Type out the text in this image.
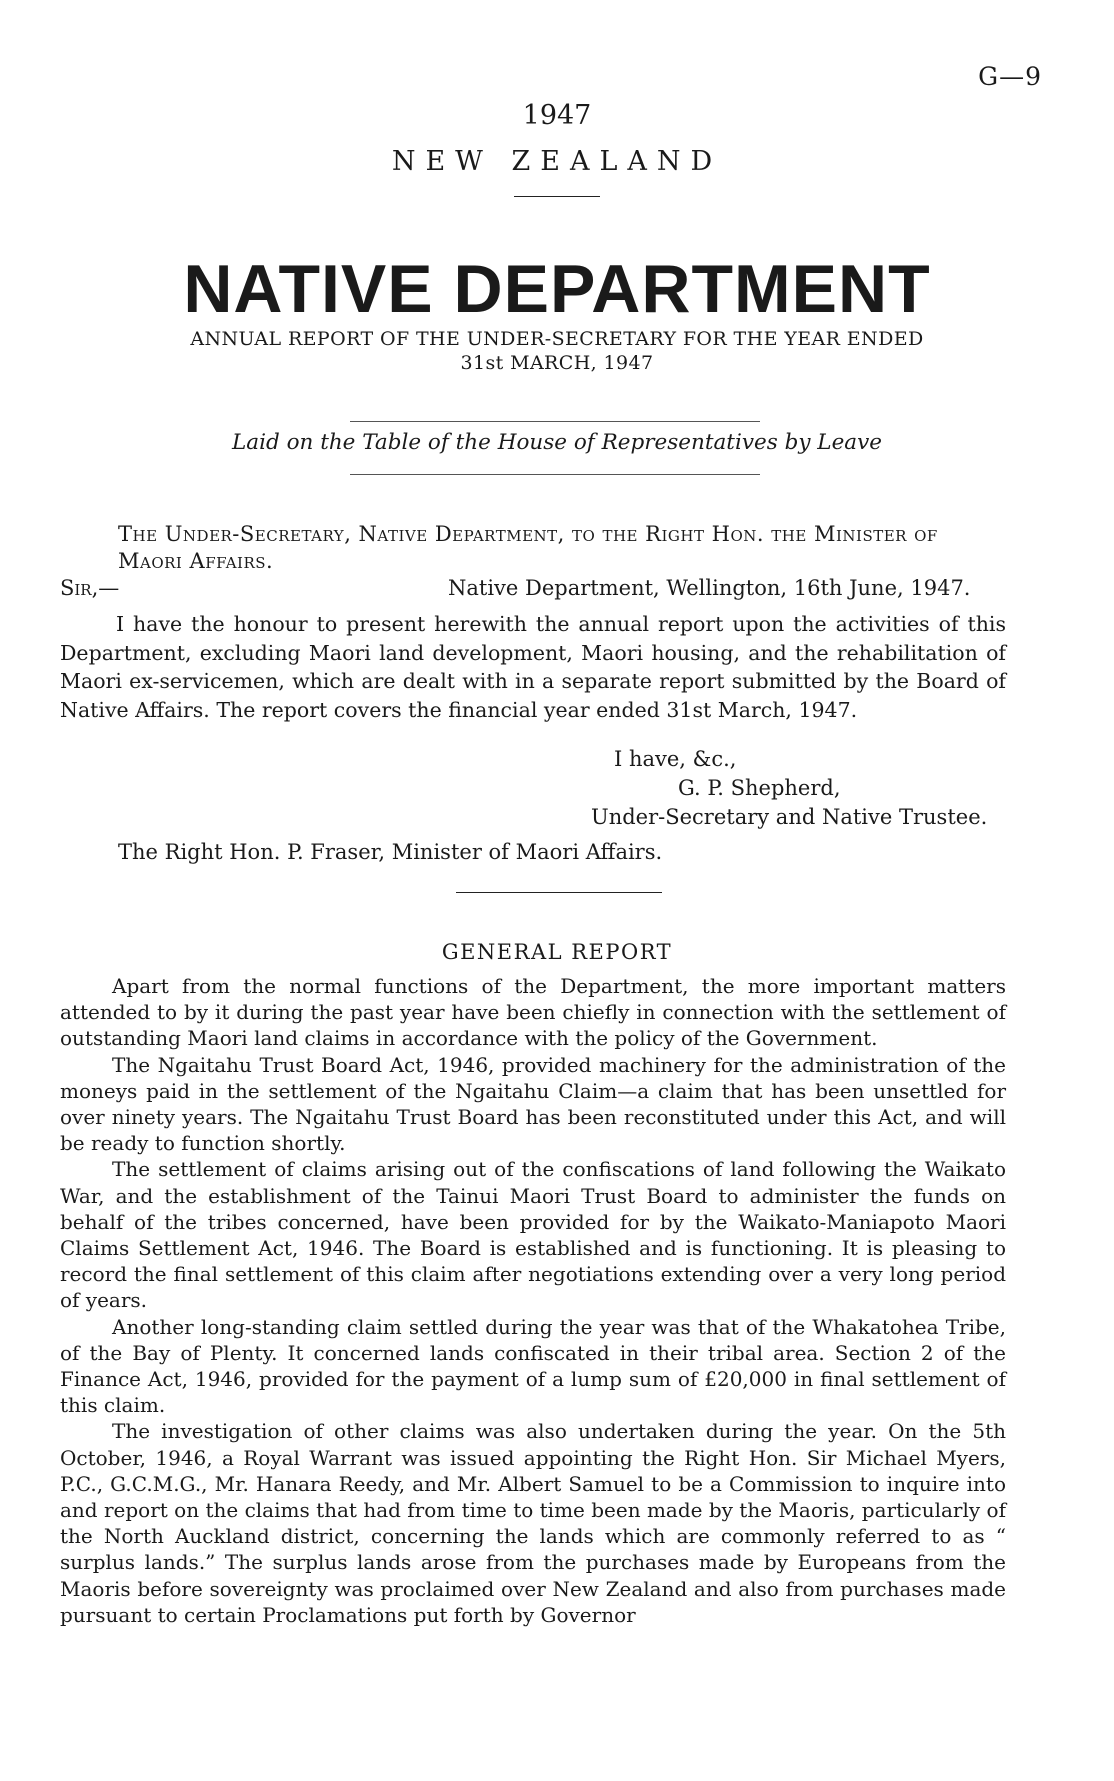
G—9
1947
NEW ZEALAND
NATIVE DEPARTMENT
ANNUAL REPORT OF THE UNDER-SECRETARY FOR THE YEAR ENDED
31st MARCH, 1947
Laid on the Table of the House of Representatives by Leave
The Under-Secretary, Native Department, to the Right Hon. the Minister of Maori Affairs.
Sir,—	Native Department, Wellington, 16th June, 1947.

I have the honour to present herewith the annual report upon the activities of this Department, excluding Maori land development, Maori housing, and the rehabilitation of Maori ex-servicemen, which are dealt with in a separate report submitted by the Board of Native Affairs. The report covers the financial year ended 31st March, 1947.

I have, &c.,
G. P. Shepherd,
Under-Secretary and Native Trustee.
The Right Hon. P. Fraser, Minister of Maori Affairs.
GENERAL REPORT

Apart from the normal functions of the Department, the more important matters attended to by it during the past year have been chiefly in connection with the settlement of outstanding Maori land claims in accordance with the policy of the Government.

The Ngaitahu Trust Board Act, 1946, provided machinery for the administration of the moneys paid in the settlement of the Ngaitahu Claim—a claim that has been unsettled for over ninety years. The Ngaitahu Trust Board has been reconstituted under this Act, and will be ready to function shortly.

The settlement of claims arising out of the confiscations of land following the Waikato War, and the establishment of the Tainui Maori Trust Board to administer the funds on behalf of the tribes concerned, have been provided for by the Waikato-Maniapoto Maori Claims Settlement Act, 1946. The Board is established and is functioning. It is pleasing to record the final settlement of this claim after negotiations extending over a very long period of years.

Another long-standing claim settled during the year was that of the Whakatohea Tribe, of the Bay of Plenty. It concerned lands confiscated in their tribal area. Section 2 of the Finance Act, 1946, provided for the payment of a lump sum of £20,000 in final settlement of this claim.

The investigation of other claims was also undertaken during the year. On the 5th October, 1946, a Royal Warrant was issued appointing the Right Hon. Sir Michael Myers, P.C., G.C.M.G., Mr. Hanara Reedy, and Mr. Albert Samuel to be a Commission to inquire into and report on the claims that had from time to time been made by the Maoris, particularly of the North Auckland district, concerning the lands which are commonly referred to as “ surplus lands.” The surplus lands arose from the purchases made by Europeans from the Maoris before sovereignty was proclaimed over New Zealand and also from purchases made pursuant to certain Proclamations put forth by Governor
